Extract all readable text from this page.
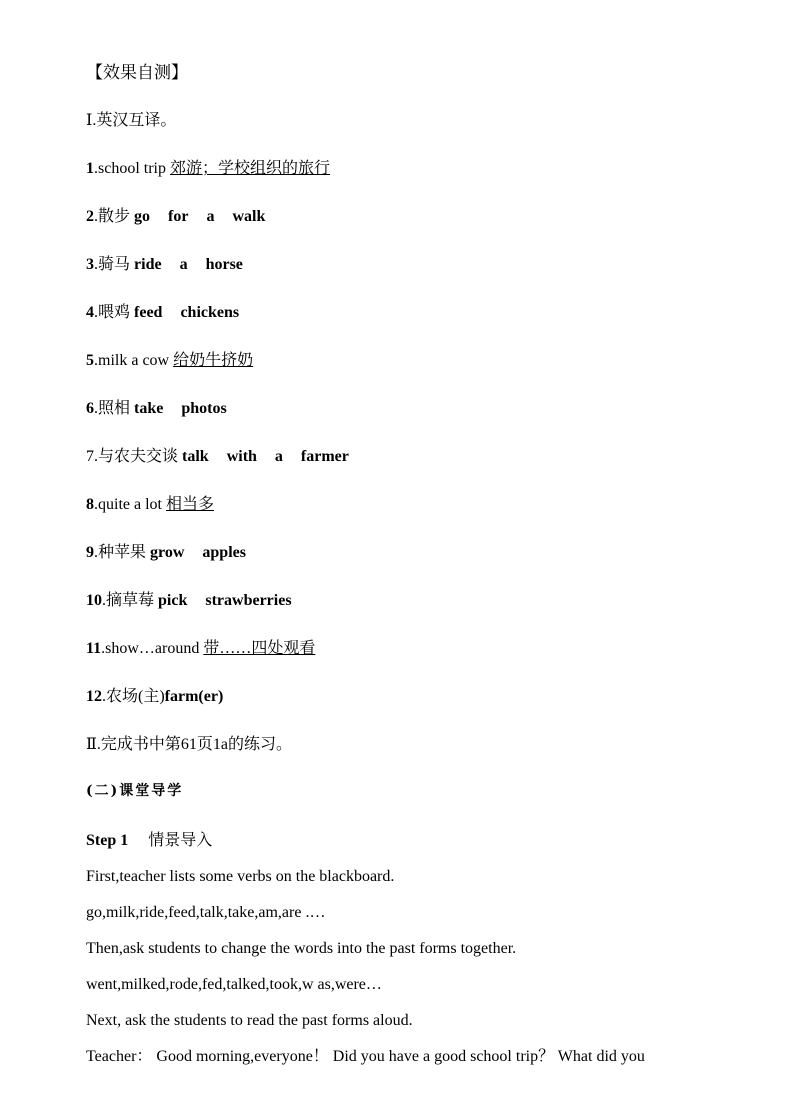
【效果自测】
Ⅰ.英汉互译。
1.school trip 郊游；学校组织的旅行
2.散步 go for a walk
3.骑马 ride a horse
4.喂鸡 feed chickens
5.milk a cow 给奶牛挤奶
6.照相 take photos
7.与农夫交谈 talk with a farmer
8.quite a lot 相当多
9.种苹果 grow apples
10.摘草莓 pick strawberries
11.show…around 带……四处观看
12.农场(主)farm(er)
Ⅱ.完成书中第61页1a的练习。
(二)课堂导学
Step 1 情景导入
First,teacher lists some verbs on the blackboard.
go,milk,ride,feed,talk,take,am,are .…
Then,ask students to change the words into the past forms together.
went,milked,rode,fed,talked,took,w as,were…
Next, ask the students to read the past forms aloud.
Teacher： Good morning,everyone！ Did you have a good school trip？ What did you
